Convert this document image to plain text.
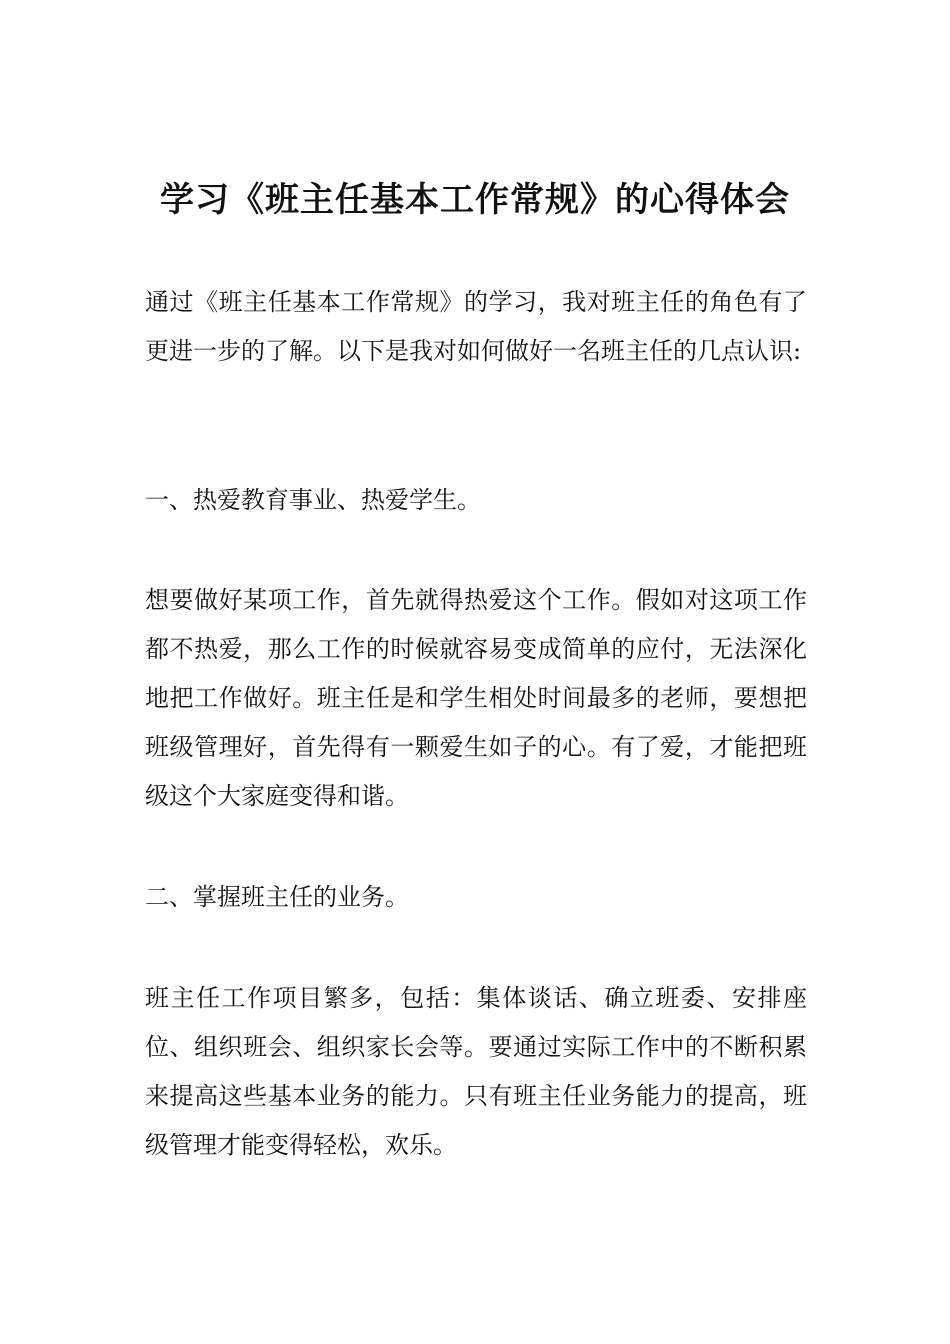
学习《班主任基本工作常规》的心得体会

通过《班主任基本工作常规》的学习，我对班主任的角色有了更进一步的了解。以下是我对如何做好一名班主任的几点认识:

一、热爱教育事业、热爱学生。

想要做好某项工作，首先就得热爱这个工作。假如对这项工作都不热爱，那么工作的时候就容易变成简单的应付，无法深化地把工作做好。班主任是和学生相处时间最多的老师，要想把班级管理好，首先得有一颗爱生如子的心。有了爱，才能把班级这个大家庭变得和谐。

二、掌握班主任的业务。

班主任工作项目繁多，包括：集体谈话、确立班委、安排座位、组织班会、组织家长会等。要通过实际工作中的不断积累来提高这些基本业务的能力。只有班主任业务能力的提高，班级管理才能变得轻松，欢乐。
